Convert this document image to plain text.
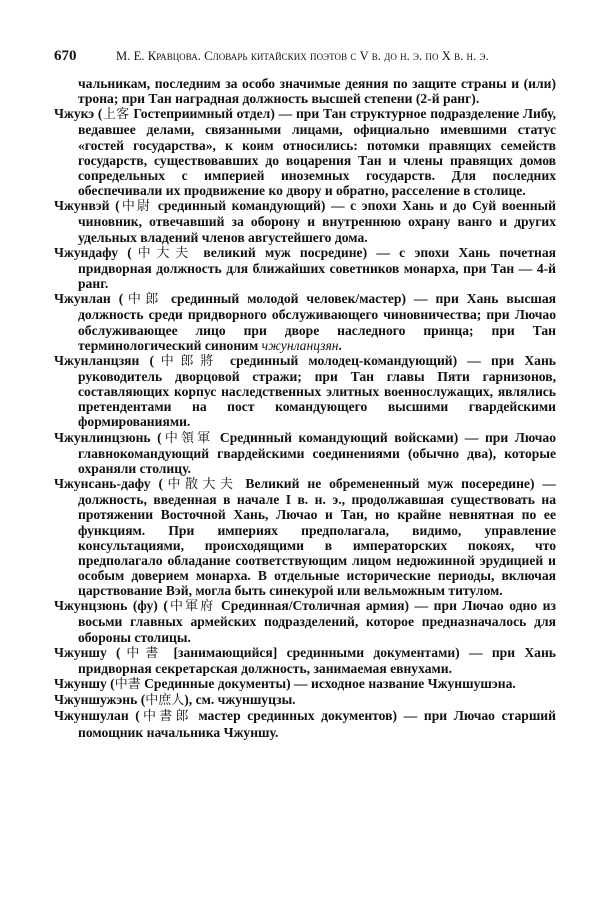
670	М. Е. Кравцова. Словарь китайских поэтов с V в. до н. э. по X в. н. э.

чальникам, последним за особо значимые деяния по защите страны и (или) трона; при Тан наградная должность высшей степени (2-й ранг).

Чжукэ (上客 Гостеприимный отдел) — при Тан структурное подразделение Либу, ведавшее делами, связанными лицами, официально имевшими статус «гостей государства», к коим относились: потомки правящих семейств государств, существовавших до воцарения Тан и члены правящих домов сопредельных с империей иноземных государств. Для последних обеспечивали их продвижение ко двору и обратно, расселение в столице.

Чжунвэй (中尉 срединный командующий) — с эпохи Хань и до Суй военный чиновник, отвечавший за оборону и внутреннюю охрану ванго и других удельных владений членов августейшего дома.

Чжундафу (中大夫 великий муж посредине) — с эпохи Хань почетная придворная должность для ближайших советников монарха, при Тан — 4-й ранг.

Чжунлан (中郎 срединный молодой человек/мастер) — при Хань высшая должность среди придворного обслуживающего чиновничества; при Лючао обслуживающее лицо при дворе наследного принца; при Тан терминологический синоним чжунланцзян.

Чжунланцзян (中郎將 срединный молодец-командующий) — при Хань руководитель дворцовой стражи; при Тан главы Пяти гарнизонов, составляющих корпус наследственных элитных военнослужащих, являлись претендентами на пост командующего высшими гвардейскими формированиями.

Чжунлинцзюнь (中領軍 Срединный командующий войсками) — при Лючао главнокомандующий гвардейскими соединениями (обычно два), которые охраняли столицу.

Чжунсань-дафу (中散大夫 Великий не обремененный муж посередине) — должность, введенная в начале I в. н. э., продолжавшая существовать на протяжении Восточной Хань, Лючао и Тан, но крайне невнятная по ее функциям. При империях предполагала, видимо, управление консультациями, происходящими в императорских покоях, что предполагало обладание соответствующим лицом недюжинной эрудицией и особым доверием монарха. В отдельные исторические периоды, включая царствование Вэй, могла быть синекурой или вельможным титулом.

Чжунцзюнь (фу) (中軍府 Срединная/Столичная армия) — при Лючао одно из восьми главных армейских подразделений, которое предназначалось для обороны столицы.

Чжуншу (中書 [занимающийся] срединными документами) — при Хань придворная секретарская должность, занимаемая евнухами.

Чжуншу (中書 Срединные документы) — исходное название Чжуншушэна.

Чжуншужэнь (中庶人), см. чжуншуцзы.

Чжуншулан (中書郎 мастер срединных документов) — при Лючао старший помощник начальника Чжуншу.
